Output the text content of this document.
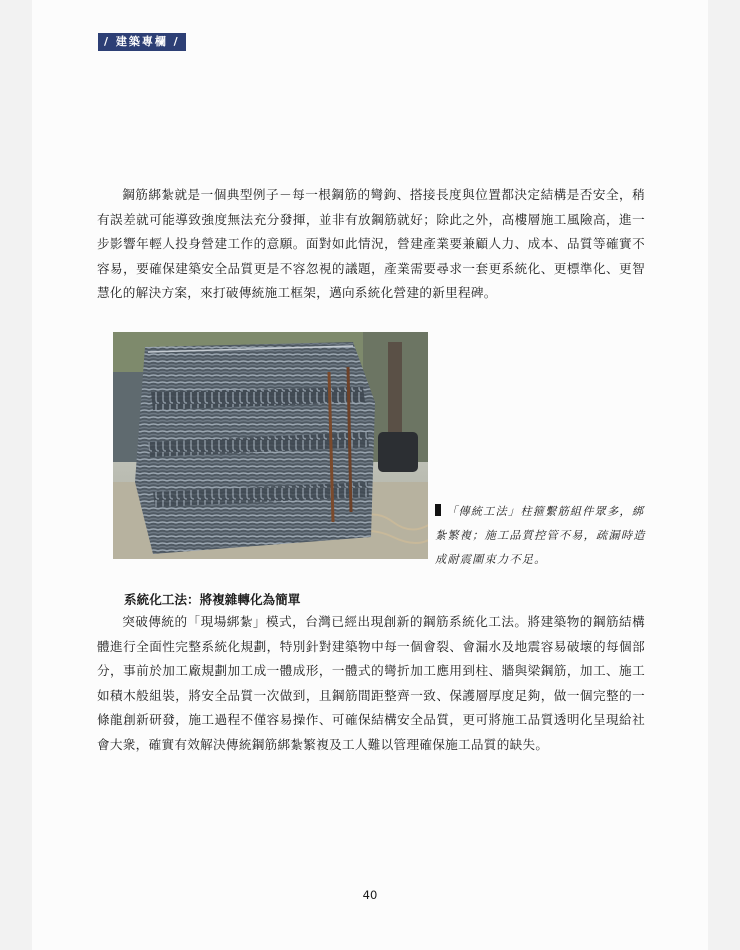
/ 建築專欄 /

鋼筋綁紮就是一個典型例子－每一根鋼筋的彎鉤、搭接長度與位置都決定結構是否安全，稍有誤差就可能導致強度無法充分發揮，並非有放鋼筋就好；除此之外，高樓層施工風險高，進一步影響年輕人投身營建工作的意願。面對如此情況，營建產業要兼顧人力、成本、品質等確實不容易，要確保建築安全品質更是不容忽視的議題，產業需要尋求一套更系統化、更標準化、更智慧化的解決方案，來打破傳統施工框架，邁向系統化營建的新里程碑。

「傳統工法」柱箍繫筋組件眾多，綁紮繁複；施工品質控管不易，疏漏時造成耐震圍束力不足。

系統化工法：將複雜轉化為簡單

突破傳統的「現場綁紮」模式，台灣已經出現創新的鋼筋系統化工法。將建築物的鋼筋結構體進行全面性完整系統化規劃，特別針對建築物中每一個會裂、會漏水及地震容易破壞的每個部分，事前於加工廠規劃加工成一體成形，一體式的彎折加工應用到柱、牆與梁鋼筋，加工、施工如積木般組裝，將安全品質一次做到，且鋼筋間距整齊一致、保護層厚度足夠，做一個完整的一條龍創新研發，施工過程不僅容易操作、可確保結構安全品質，更可將施工品質透明化呈現給社會大衆，確實有效解決傳統鋼筋綁紮繁複及工人難以管理確保施工品質的缺失。

40
